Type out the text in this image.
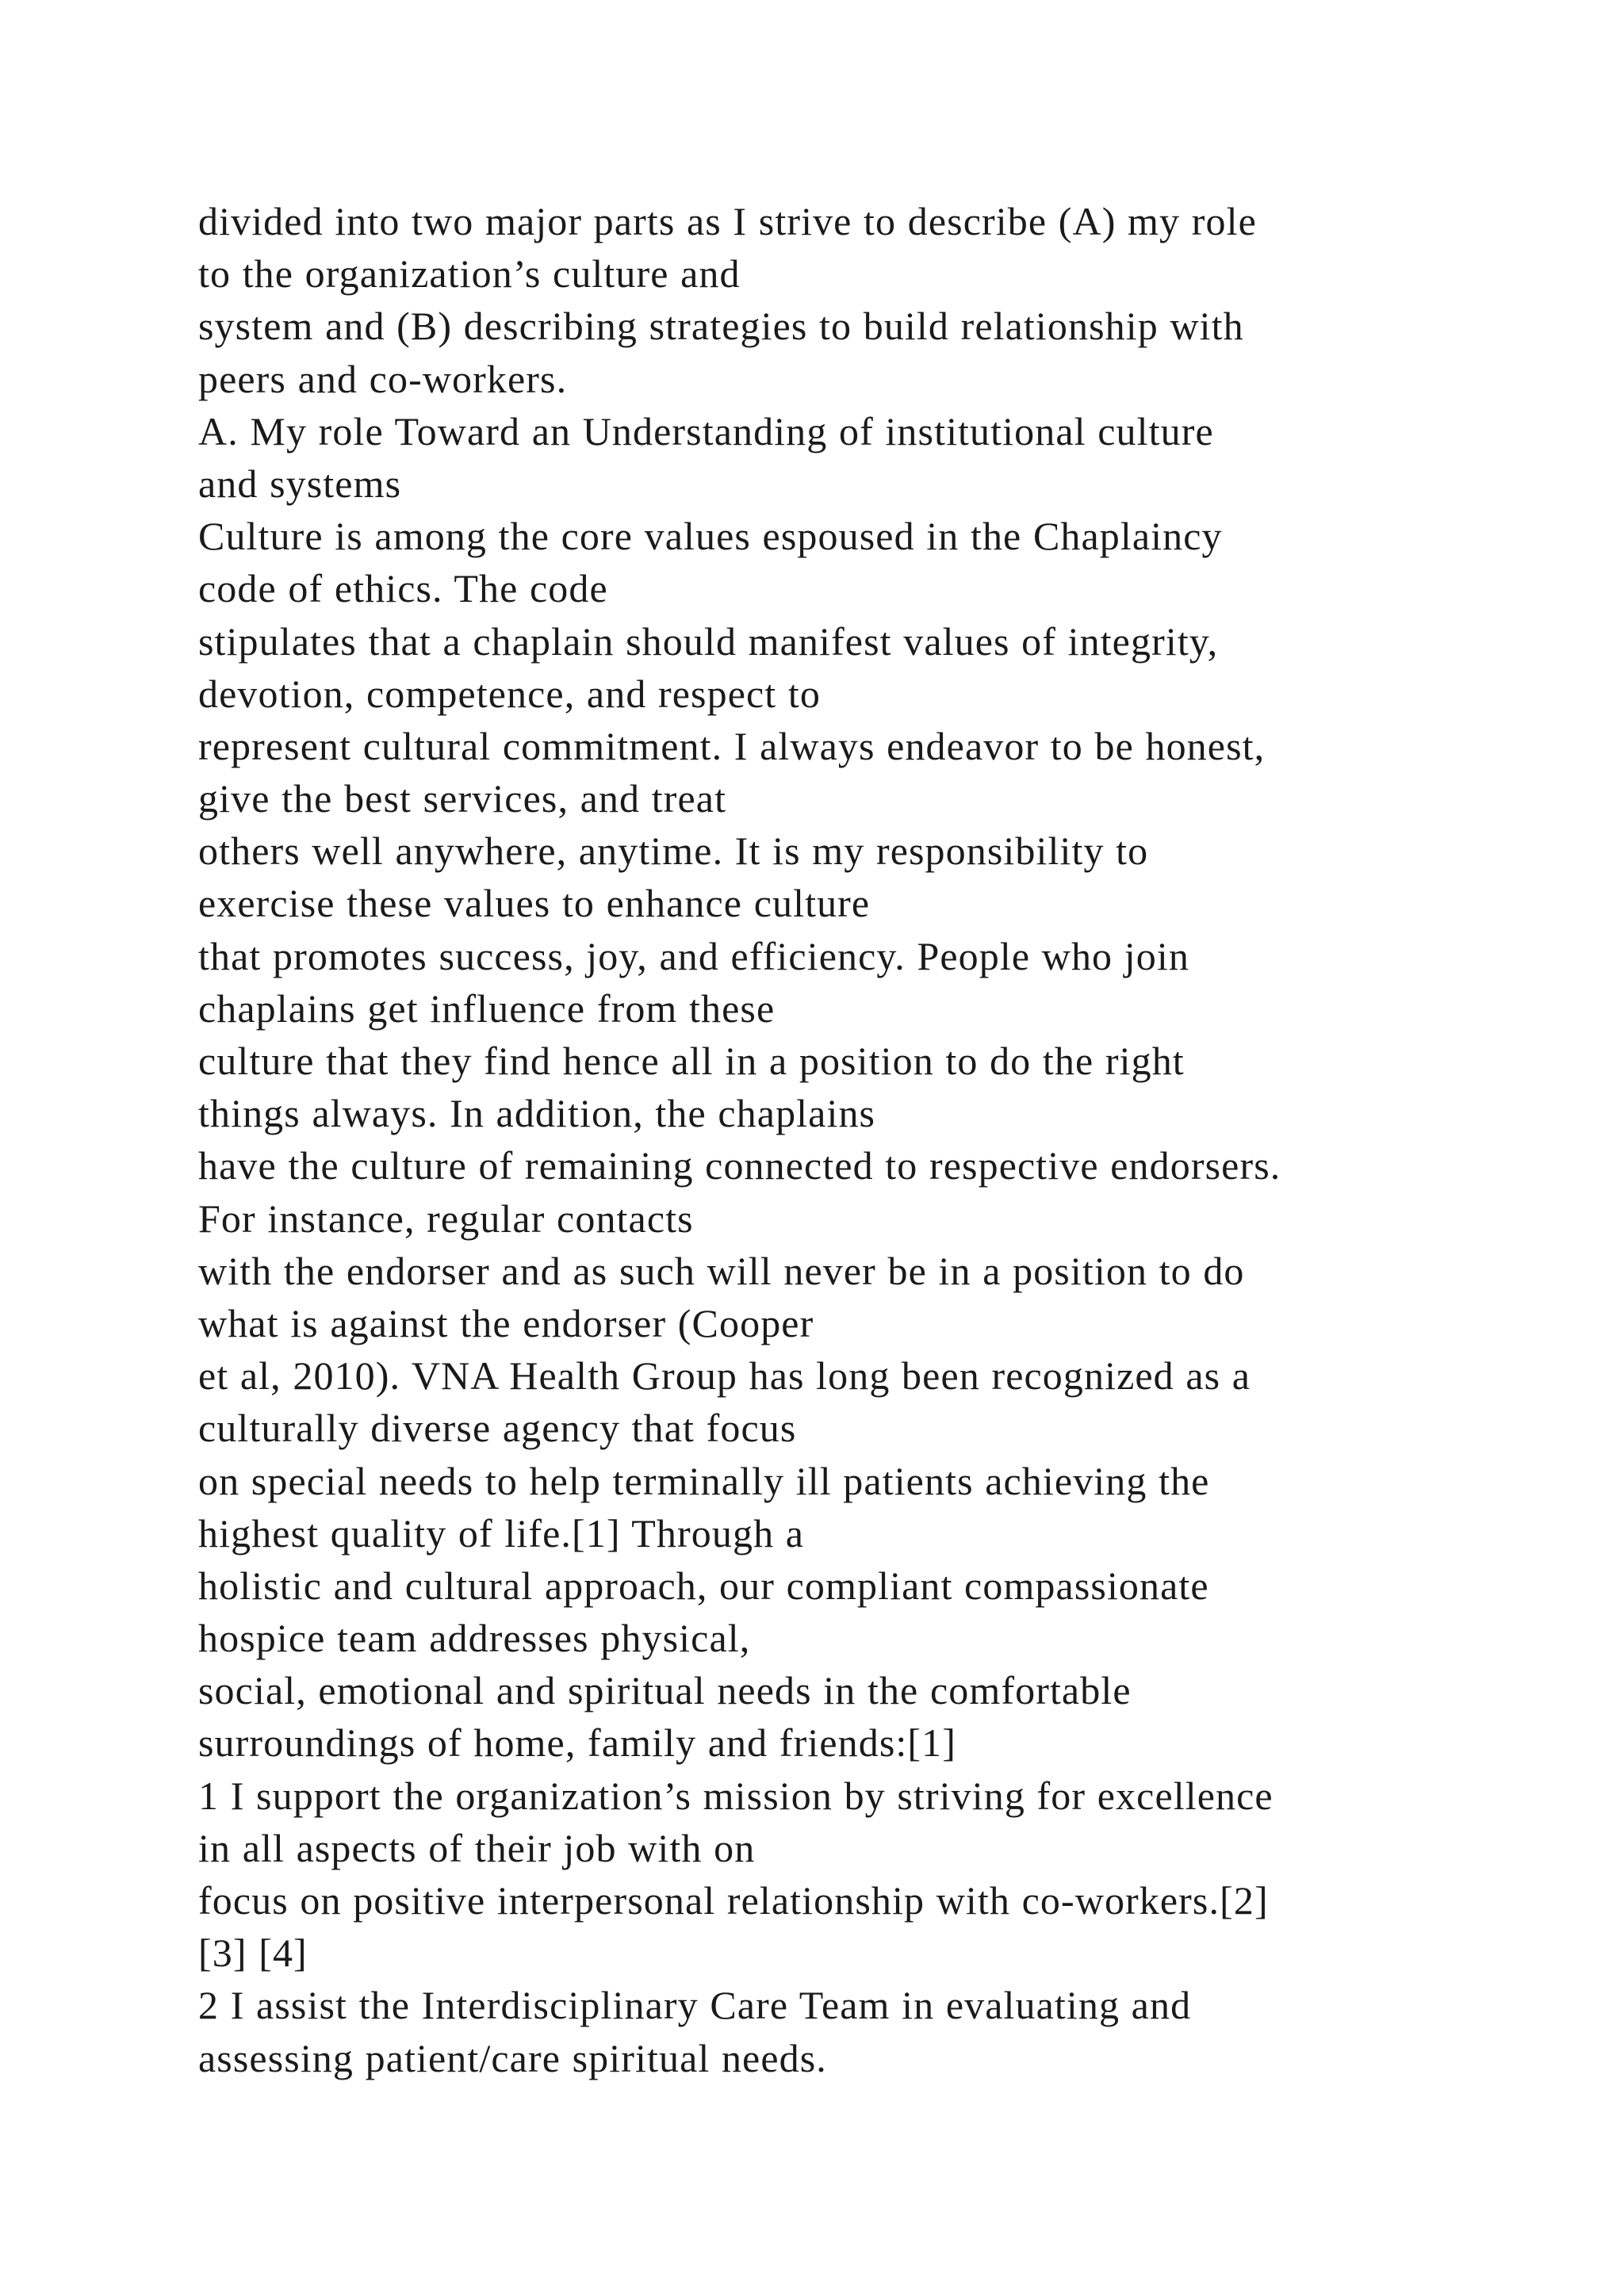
divided into two major parts as I strive to describe (A) my role
to the organization’s culture and
system and (B) describing strategies to build relationship with
peers and co-workers.
A. My role Toward an Understanding of institutional culture
and systems
Culture is among the core values espoused in the Chaplaincy
code of ethics. The code
stipulates that a chaplain should manifest values of integrity,
devotion, competence, and respect to
represent cultural commitment. I always endeavor to be honest,
give the best services, and treat
others well anywhere, anytime. It is my responsibility to
exercise these values to enhance culture
that promotes success, joy, and efficiency. People who join
chaplains get influence from these
culture that they find hence all in a position to do the right
things always. In addition, the chaplains
have the culture of remaining connected to respective endorsers.
For instance, regular contacts
with the endorser and as such will never be in a position to do
what is against the endorser (Cooper
et al, 2010). VNA Health Group has long been recognized as a
culturally diverse agency that focus
on special needs to help terminally ill patients achieving the
highest quality of life.[1] Through a
holistic and cultural approach, our compliant compassionate
hospice team addresses physical,
social, emotional and spiritual needs in the comfortable
surroundings of home, family and friends:[1]
1 I support the organization’s mission by striving for excellence
in all aspects of their job with on
focus on positive interpersonal relationship with co-workers.[2]
[3] [4]
2 I assist the Interdisciplinary Care Team in evaluating and
assessing patient/care spiritual needs.
